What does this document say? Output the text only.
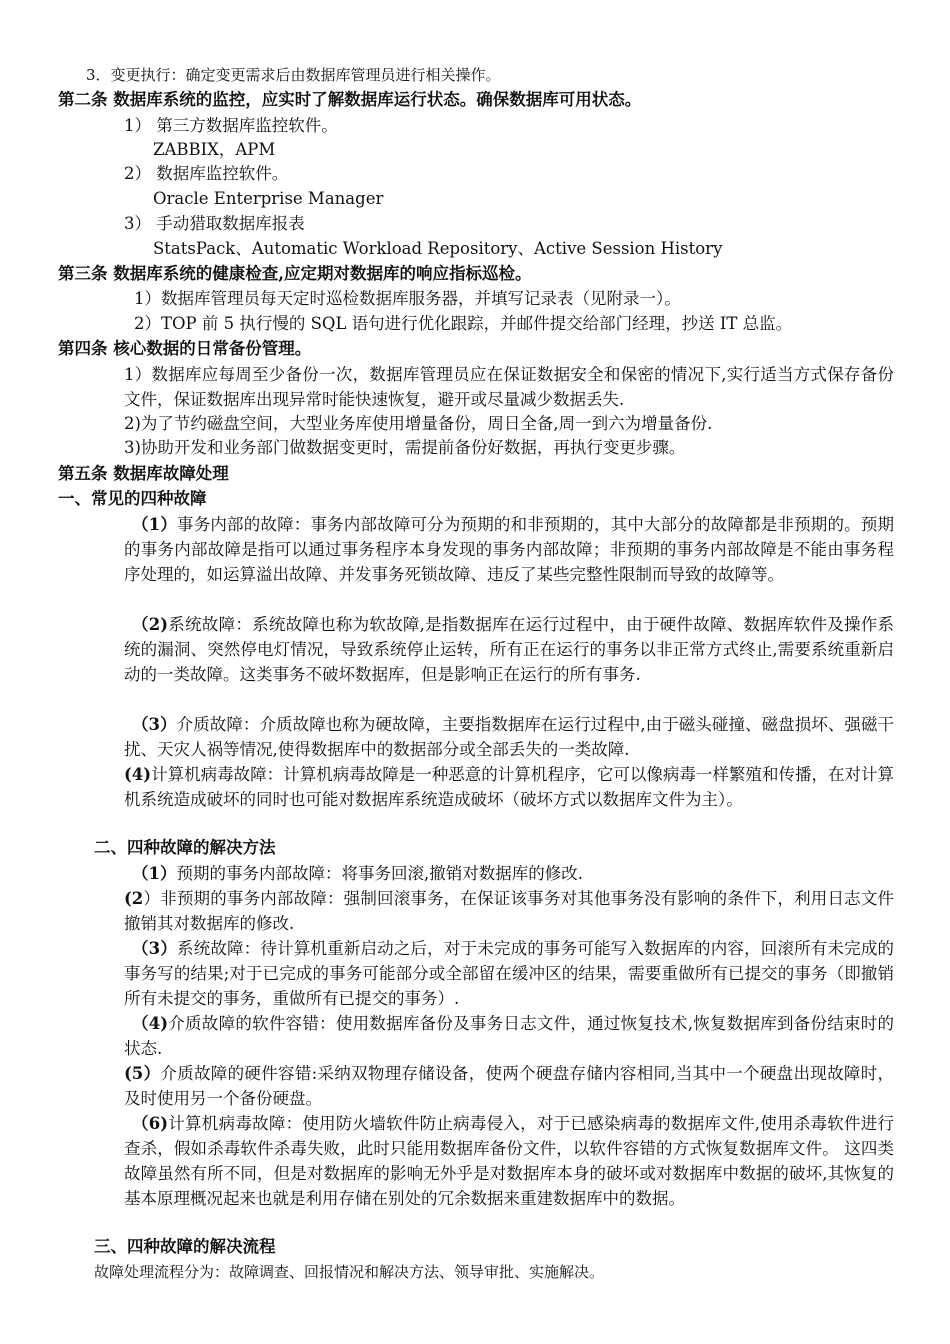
3．变更执行：确定变更需求后由数据库管理员进行相关操作。
第二条 数据库系统的监控，应实时了解数据库运行状态。确保数据库可用状态。
1） 第三方数据库监控软件。
ZABBIX，APM
2） 数据库监控软件。
Oracle Enterprise Manager
3） 手动猎取数据库报表
StatsPack、Automatic Workload Repository、Active Session History
第三条 数据库系统的健康检查,应定期对数据库的响应指标巡检。
1）数据库管理员每天定时巡检数据库服务器，并填写记录表（见附录一）。
2）TOP 前 5 执行慢的 SQL 语句进行优化跟踪，并邮件提交给部门经理，抄送 IT 总监。
第四条 核心数据的日常备份管理。
1）数据库应每周至少备份一次，数据库管理员应在保证数据安全和保密的情况下,实行适当方式保存备份文件，保证数据库出现异常时能快速恢复，避开或尽量减少数据丢失.
2)为了节约磁盘空间，大型业务库使用增量备份，周日全备,周一到六为增量备份.
3)协助开发和业务部门做数据变更时，需提前备份好数据，再执行变更步骤。
第五条 数据库故障处理
一、常见的四种故障
（1）事务内部的故障：事务内部故障可分为预期的和非预期的，其中大部分的故障都是非预期的。预期的事务内部故障是指可以通过事务程序本身发现的事务内部故障；非预期的事务内部故障是不能由事务程序处理的，如运算溢出故障、并发事务死锁故障、违反了某些完整性限制而导致的故障等。
（2)系统故障：系统故障也称为软故障,是指数据库在运行过程中，由于硬件故障、数据库软件及操作系统的漏洞、突然停电灯情况，导致系统停止运转，所有正在运行的事务以非正常方式终止,需要系统重新启动的一类故障。这类事务不破坏数据库，但是影响正在运行的所有事务.
（3）介质故障：介质故障也称为硬故障，主要指数据库在运行过程中,由于磁头碰撞、磁盘损坏、强磁干扰、天灾人祸等情况,使得数据库中的数据部分或全部丢失的一类故障.
(4)计算机病毒故障：计算机病毒故障是一种恶意的计算机程序，它可以像病毒一样繁殖和传播，在对计算机系统造成破坏的同时也可能对数据库系统造成破坏（破坏方式以数据库文件为主）。
二、四种故障的解决方法
（1）预期的事务内部故障：将事务回滚,撤销对数据库的修改.
(2）非预期的事务内部故障：强制回滚事务，在保证该事务对其他事务没有影响的条件下，利用日志文件撤销其对数据库的修改.
（3）系统故障：待计算机重新启动之后，对于未完成的事务可能写入数据库的内容，回滚所有未完成的事务写的结果;对于已完成的事务可能部分或全部留在缓冲区的结果，需要重做所有已提交的事务（即撤销所有未提交的事务，重做所有已提交的事务）.
（4)介质故障的软件容错：使用数据库备份及事务日志文件，通过恢复技术,恢复数据库到备份结束时的状态.
(5）介质故障的硬件容错:采纳双物理存储设备，使两个硬盘存储内容相同,当其中一个硬盘出现故障时，及时使用另一个备份硬盘。
（6)计算机病毒故障：使用防火墙软件防止病毒侵入，对于已感染病毒的数据库文件,使用杀毒软件进行查杀，假如杀毒软件杀毒失败，此时只能用数据库备份文件，以软件容错的方式恢复数据库文件。 这四类故障虽然有所不同，但是对数据库的影响无外乎是对数据库本身的破坏或对数据库中数据的破坏,其恢复的基本原理概况起来也就是利用存储在别处的冗余数据来重建数据库中的数据。
三、四种故障的解决流程
故障处理流程分为：故障调查、回报情况和解决方法、领导审批、实施解决。
